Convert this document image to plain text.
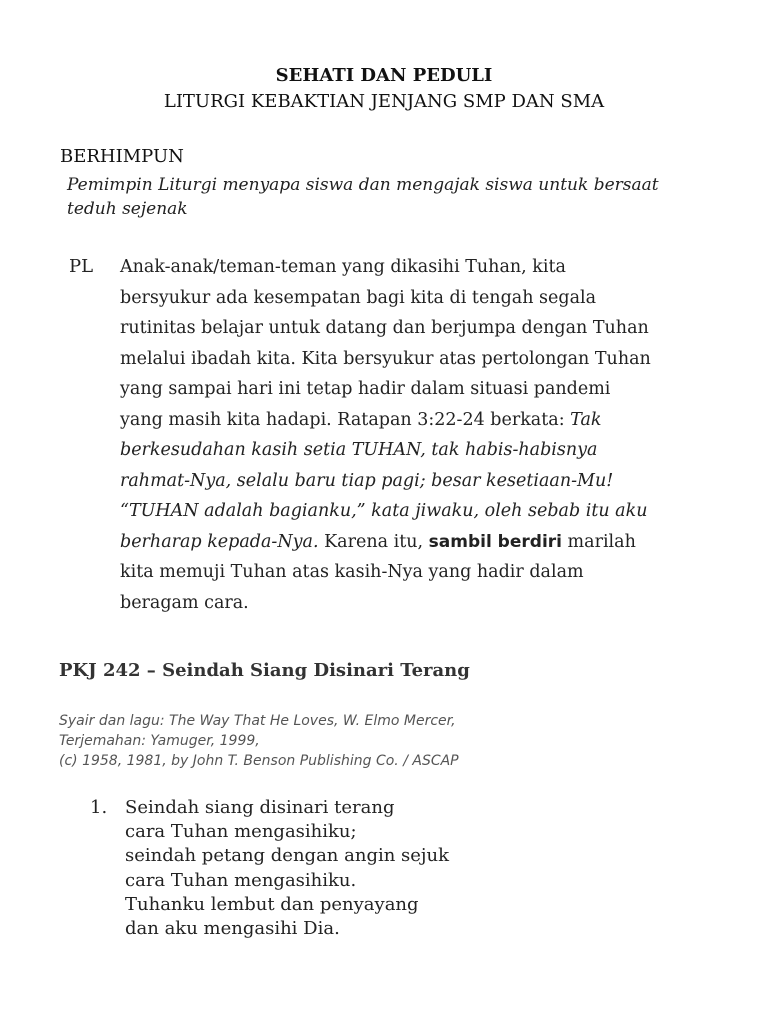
SEHATI DAN PEDULI
LITURGI KEBAKTIAN JENJANG SMP DAN SMA
BERHIMPUN
Pemimpin Liturgi menyapa siswa dan mengajak siswa untuk bersaat teduh sejenak
PL Anak-anak/teman-teman yang dikasihi Tuhan, kita
bersyukur ada kesempatan bagi kita di tengah segala
rutinitas belajar untuk datang dan berjumpa dengan Tuhan
melalui ibadah kita. Kita bersyukur atas pertolongan Tuhan
yang sampai hari ini tetap hadir dalam situasi pandemi
yang masih kita hadapi. Ratapan 3:22-24 berkata: Tak
berkesudahan kasih setia TUHAN, tak habis-habisnya
rahmat-Nya, selalu baru tiap pagi; besar kesetiaan-Mu!
“TUHAN adalah bagianku,” kata jiwaku, oleh sebab itu aku
berharap kepada-Nya. Karena itu, sambil berdiri marilah
kita memuji Tuhan atas kasih-Nya yang hadir dalam
beragam cara.
PKJ 242 – Seindah Siang Disinari Terang
Syair dan lagu: The Way That He Loves, W. Elmo Mercer,
Terjemahan: Yamuger, 1999,
(c) 1958, 1981, by John T. Benson Publishing Co. / ASCAP
1. Seindah siang disinari terang
cara Tuhan mengasihiku;
seindah petang dengan angin sejuk
cara Tuhan mengasihiku.
Tuhanku lembut dan penyayang
dan aku mengasihi Dia.
